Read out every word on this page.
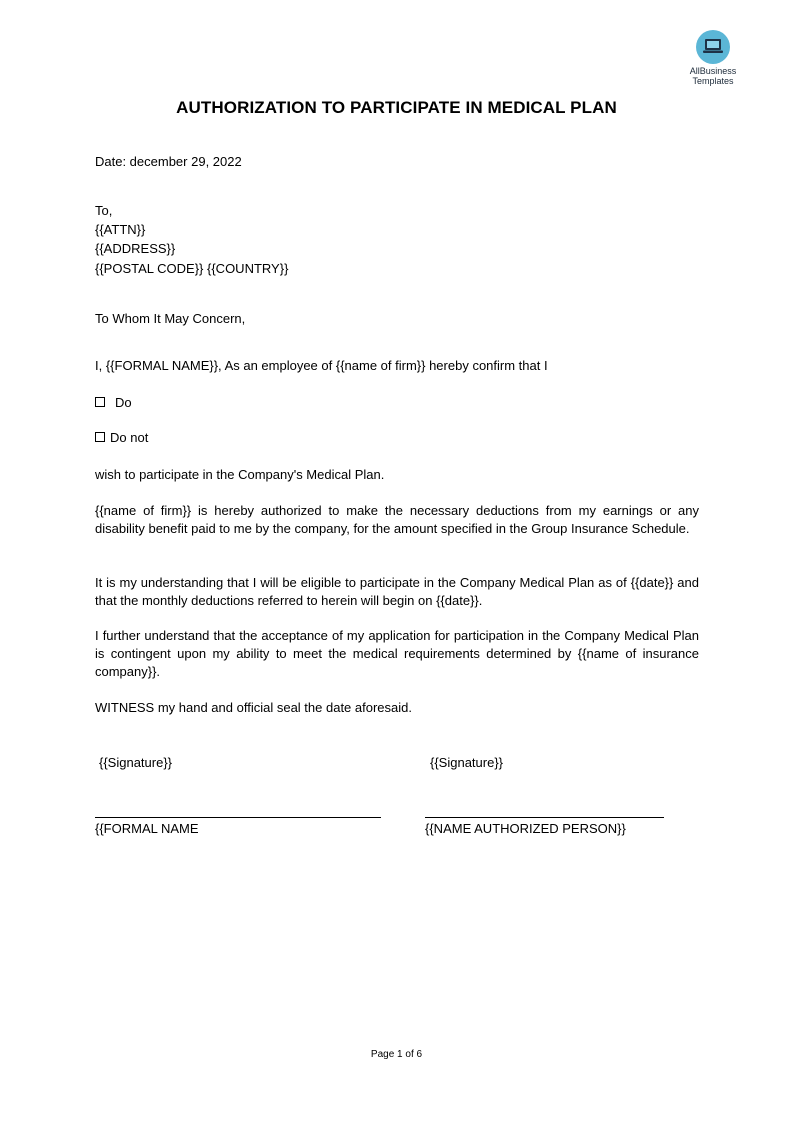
AllBusiness
Templates
AUTHORIZATION TO PARTICIPATE IN MEDICAL PLAN
Date: december 29, 2022
To,
{{ATTN}}
{{ADDRESS}}
{{POSTAL CODE}} {{COUNTRY}}
To Whom It May Concern,
I, {{FORMAL NAME}}, As an employee of {{name of firm}} hereby confirm that I
Do
Do not
wish to participate in the Company's Medical Plan.
{{name of firm}} is hereby authorized to make the necessary deductions from my earnings or any disability benefit paid to me by the company, for the amount specified in the Group Insurance Schedule.
It is my understanding that I will be eligible to participate in the Company Medical Plan as of {{date}} and that the monthly deductions referred to herein will begin on {{date}}.
I further understand that the acceptance of my application for participation in the Company Medical Plan is contingent upon my ability to meet the medical requirements determined by {{name of insurance company}}.
WITNESS my hand and official seal the date aforesaid.
{{Signature}}	{{Signature}}
{{FORMAL NAME	{{NAME AUTHORIZED PERSON}}
Page 1 of 6
